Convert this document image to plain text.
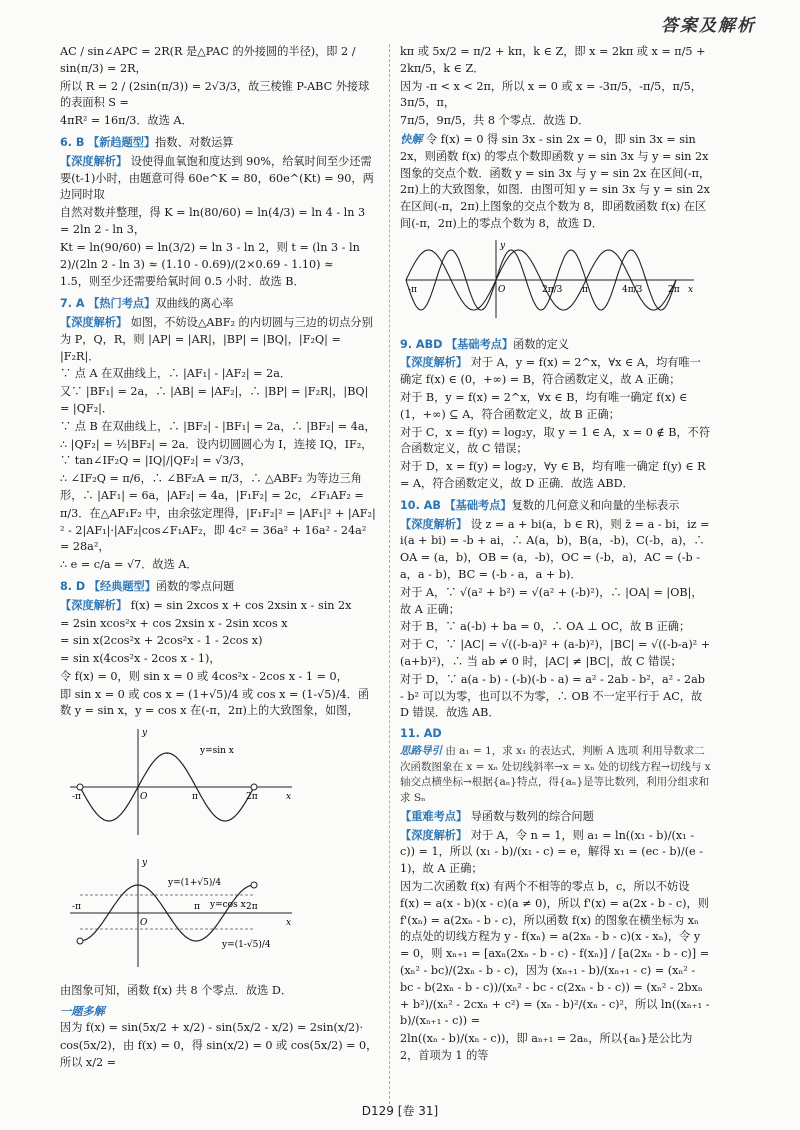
答案及解析

AC / sin∠APC = 2R(R 是△PAC 的外接圆的半径)，即 2 / sin(π/3) = 2R，

所以 R = 2 / (2sin(π/3)) = 2√3/3，故三棱锥 P-ABC 外接球的表面积 S =

4πR² = 16π/3．故选 A．

6. B 【新趋题型】指数、对数运算

【深度解析】 设使得血氧饱和度达到 90%，给氧时间至少还需要(t-1)小时，由题意可得 60e^K = 80，60e^(Kt) = 90，两边同时取

自然对数并整理，得 K = ln(80/60) = ln(4/3) = ln 4 - ln 3 = 2ln 2 - ln 3，

Kt = ln(90/60) = ln(3/2) = ln 3 - ln 2，则 t = (ln 3 - ln 2)/(2ln 2 - ln 3) ≈ (1.10 - 0.69)/(2×0.69 - 1.10) ≈

1.5，则至少还需要给氧时间 0.5 小时．故选 B．

7. A 【热门考点】双曲线的离心率

【深度解析】 如图，不妨设△ABF₂ 的内切圆与三边的切点分别为 P，Q，R，则 |AP| = |AR|，|BP| = |BQ|，|F₂Q| = |F₂R|．

∵ 点 A 在双曲线上，∴ |AF₁| - |AF₂| = 2a．

又∵ |BF₁| = 2a，∴ |AB| = |AF₂|，∴ |BP| = |F₂R|，|BQ| = |QF₂|．

∵ 点 B 在双曲线上，∴ |BF₂| - |BF₁| = 2a，∴ |BF₂| = 4a，

∴ |QF₂| = ½|BF₂| = 2a．设内切圆圆心为 I，连接 IQ，IF₂，∵ tan∠IF₂Q = |IQ|/|QF₂| = √3/3，

∴ ∠IF₂Q = π/6，∴ ∠BF₂A = π/3，∴ △ABF₂ 为等边三角形，∴ |AF₁| = 6a，|AF₂| = 4a，|F₁F₂| = 2c，∠F₁AF₂ =

π/3．在△AF₁F₂ 中，由余弦定理得，|F₁F₂|² = |AF₁|² + |AF₂|² - 2|AF₁|·|AF₂|cos∠F₁AF₂，即 4c² = 36a² + 16a² - 24a² = 28a²，

∴ e = c/a = √7．故选 A．

8. D 【经典题型】函数的零点问题

【深度解析】 f(x) = sin 2xcos x + cos 2xsin x - sin 2x

= 2sin xcos²x + cos 2xsin x - 2sin xcos x

= sin x(2cos²x + 2cos²x - 1 - 2cos x)

= sin x(4cos²x - 2cos x - 1)，

令 f(x) = 0，则 sin x = 0 或 4cos²x - 2cos x - 1 = 0，

即 sin x = 0 或 cos x = (1+√5)/4 或 cos x = (1-√5)/4．函数 y = sin x，y = cos x 在(-π，2π)上的大致图象，如图，

y=sin x
y
x
-π	O	π	2π

y=(1+√5)/4
y=cos x
y=(1-√5)/4
y
x
-π
O
π	2π

由图象可知，函数 f(x) 共 8 个零点．故选 D．

一题多解

因为 f(x) = sin(5x/2 + x/2) - sin(5x/2 - x/2) = 2sin(x/2)·

cos(5x/2)，由 f(x) = 0，得 sin(x/2) = 0 或 cos(5x/2) = 0，所以 x/2 =

kπ 或 5x/2 = π/2 + kπ，k ∈ Z，即 x = 2kπ 或 x = π/5 + 2kπ/5，k ∈ Z．

因为 -π < x < 2π，所以 x = 0 或 x = -3π/5，-π/5，π/5，3π/5，π，

7π/5，9π/5，共 8 个零点．故选 D．

快解 令 f(x) = 0 得 sin 3x - sin 2x = 0，即 sin 3x = sin 2x，则函数 f(x) 的零点个数即函数 y = sin 3x 与 y = sin 2x 图象的交点个数．函数 y = sin 3x 与 y = sin 2x 在区间(-π，2π)上的大致图象，如图．由图可知 y = sin 3x 与 y = sin 2x 在区间(-π，2π)上图象的交点个数为 8，即函数函数 f(x) 在区间(-π，2π)上的零点个数为 8，故选 D．

y
x
-π	O	2π/3 π	4π/3	2π

9. ABD 【基础考点】函数的定义

【深度解析】 对于 A，y = f(x) = 2^x，∀x ∈ A，均有唯一确定 f(x) ∈ (0，+∞) = B，符合函数定义，故 A 正确；

对于 B，y = f(x) = 2^x，∀x ∈ B，均有唯一确定 f(x) ∈ (1，+∞) ⊆ A，符合函数定义，故 B 正确；

对于 C，x = f(y) = log₂y，取 y = 1 ∈ A，x = 0 ∉ B，不符合函数定义，故 C 错误；

对于 D，x = f(y) = log₂y，∀y ∈ B，均有唯一确定 f(y) ∈ R = A，符合函数定义，故 D 正确．故选 ABD．

10. AB 【基础考点】复数的几何意义和向量的坐标表示

【深度解析】 设 z = a + bi(a，b ∈ R)，则 z̄ = a - bi，iz = i(a + bi) = -b + ai，∴ A(a，b)，B(a，-b)，C(-b，a)，∴ OA = (a，b)，OB = (a，-b)，OC = (-b，a)，AC = (-b - a，a - b)，BC = (-b - a，a + b)．

对于 A，∵ √(a² + b²) = √(a² + (-b)²)，∴ |OA| = |OB|，故 A 正确；

对于 B，∵ a(-b) + ba = 0，∴ OA ⊥ OC，故 B 正确；

对于 C，∵ |AC| = √((-b-a)² + (a-b)²)，|BC| = √((-b-a)² + (a+b)²)，∴ 当 ab ≠ 0 时，|AC| ≠ |BC|，故 C 错误；

对于 D，∵ a(a - b) - (-b)(-b - a) = a² - 2ab - b²，a² - 2ab - b² 可以为零，也可以不为零，∴ OB 不一定平行于 AC，故 D 错误．故选 AB．

11. AD

思路导引 由 a₁ = 1，求 x₁ 的表达式，判断 A 选项 利用导数求二次函数图象在 x = xₙ 处切线斜率→x = xₙ 处的切线方程→切线与 x 轴交点横坐标→根据{aₙ}特点，得{aₙ}是等比数列，利用分组求和求 Sₙ

【重难考点】 导函数与数列的综合问题

【深度解析】 对于 A，令 n = 1，则 a₁ = ln((x₁ - b)/(x₁ - c)) = 1，所以 (x₁ - b)/(x₁ - c) = e，解得 x₁ = (ec - b)/(e - 1)，故 A 正确；

因为二次函数 f(x) 有两个不相等的零点 b，c，所以不妨设 f(x) = a(x - b)(x - c)(a ≠ 0)，所以 f'(x) = a(2x - b - c)，则 f'(xₙ) = a(2xₙ - b - c)，所以函数 f(x) 的图象在横坐标为 xₙ 的点处的切线方程为 y - f(xₙ) = a(2xₙ - b - c)(x - xₙ)，令 y = 0，则 xₙ₊₁ = [axₙ(2xₙ - b - c) - f(xₙ)] / [a(2xₙ - b - c)] = (xₙ² - bc)/(2xₙ - b - c)，因为 (xₙ₊₁ - b)/(xₙ₊₁ - c) = (xₙ² - bc - b(2xₙ - b - c))/(xₙ² - bc - c(2xₙ - b - c)) = (xₙ² - 2bxₙ + b²)/(xₙ² - 2cxₙ + c²) = (xₙ - b)²/(xₙ - c)²，所以 ln((xₙ₊₁ - b)/(xₙ₊₁ - c)) =

2ln((xₙ - b)/(xₙ - c))，即 aₙ₊₁ = 2aₙ，所以{aₙ}是公比为 2，首项为 1 的等

D129 [卷 31]
